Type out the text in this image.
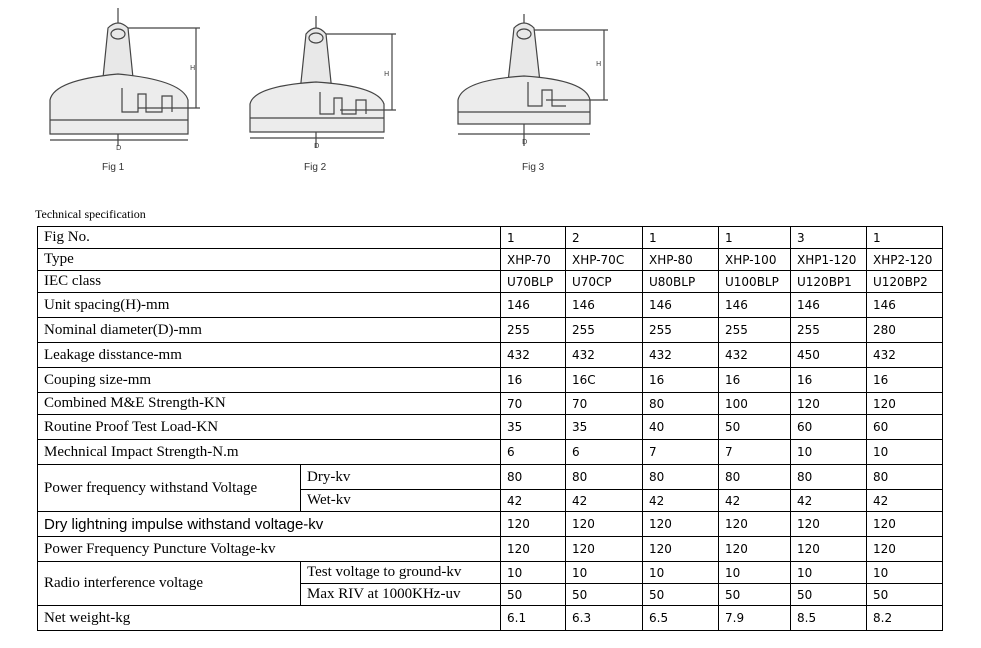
H
D
Fig 1
H
D
Fig 2
H
D
Fig 3
Technical specification
Fig No.		1	2	1	1	3	1
Type		XHP-70	XHP-70C	XHP-80	XHP-100	XHP1-120	XHP2-120
IEC class		U70BLP	U70CP	U80BLP	U100BLP	U120BP1	U120BP2
Unit spacing(H)-mm		146	146	146	146	146	146
Nominal diameter(D)-mm		255	255	255	255	255	280
Leakage disstance-mm		432	432	432	432	450	432
Couping size-mm		16	16C	16	16	16	16
Combined M&E Strength-KN		70	70	80	100	120	120
Routine Proof Test Load-KN		35	35	40	50	60	60
Mechnical Impact Strength-N.m		6	6	7	7	10	10
Power frequency withstand Voltage	Dry-kv	80	80	80	80	80	80
	Wet-kv	42	42	42	42	42	42
Dry lightning impulse withstand voltage-kv		120	120	120	120	120	120
Power Frequency Puncture Voltage-kv		120	120	120	120	120	120
Radio interference voltage	Test voltage to ground-kv	10	10	10	10	10	10
	Max RIV at 1000KHz-uv	50	50	50	50	50	50
Net weight-kg		6.1	6.3	6.5	7.9	8.5	8.2
